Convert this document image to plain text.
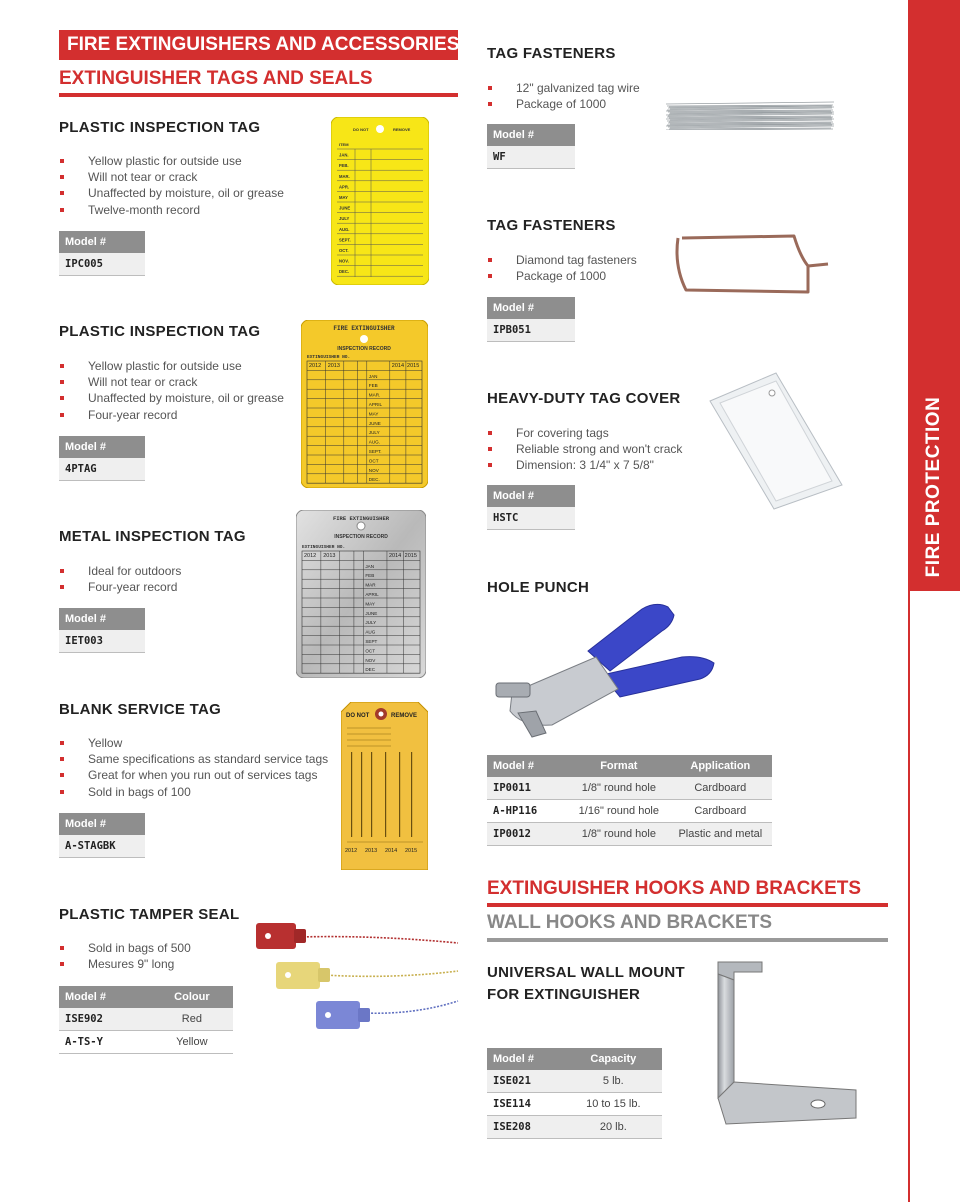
FIRE PROTECTION
FIRE EXTINGUISHERS AND ACCESSORIES
EXTINGUISHER TAGS AND SEALS
PLASTIC INSPECTION TAG
Yellow plastic for outside use
Will not tear or crack
Unaffected by moisture, oil or grease
Twelve-month record
Model #
IPC005
DO NOT	REMOVE
ITEM
JAN.
FEB.
MAR.
APR.
MAY
JUNE
JULY
AUG.
SEPT.
OCT.
NOV.
DEC.
PLASTIC INSPECTION TAG
Yellow plastic for outside use
Will not tear or crack
Unaffected by moisture, oil or grease
Four-year record
Model #
4PTAG
FIRE EXTINGUISHER
INSPECTION RECORD
EXTINGUISHER NO.
2012 2013	2014 2015
JAN
FEB
MAR.
APRIL
MAY
JUNE
JULY
AUG.
SEPT.
OCT
NOV
DEC.
METAL INSPECTION TAG
Ideal for outdoors
Four-year record
Model #
IET003
FIRE EXTINGUISHER
INSPECTION RECORD
EXTINGUISHER NO.
2012 2013	2014 2015
JAN
FEB
MAR
APRIL
MAY
JUNE
JULY
AUG
SEPT
OCT
NOV
DEC
BLANK SERVICE TAG
Yellow
Same specifications as standard service tags
Great for when you run out of services tags
Sold in bags of 100
Model #
A-STAGBK
DO NOT	REMOVE
2012 2013 2014 2015
PLASTIC TAMPER SEAL
Sold in bags of 500
Mesures 9" long
Model #	Colour
ISE902	Red
A-TS-Y	Yellow
TAG FASTENERS
12" galvanized tag wire
Package of 1000
Model #
WF
TAG FASTENERS
Diamond tag fasteners
Package of 1000
Model #
IPB051
HEAVY-DUTY TAG COVER
For covering tags
Reliable strong and won't crack
Dimension: 3 1/4" x 7 5/8"
Model #
HSTC
HOLE PUNCH
Model #	Format	Application
IP0011	1/8" round hole	Cardboard
A-HP116	1/16" round hole	Cardboard
IP0012	1/8" round hole	Plastic and metal
EXTINGUISHER HOOKS AND BRACKETS
WALL HOOKS AND BRACKETS
UNIVERSAL WALL MOUNT
FOR EXTINGUISHER
Model #	Capacity
ISE021	5 lb.
ISE114	10 to 15 lb.
ISE208	20 lb.
